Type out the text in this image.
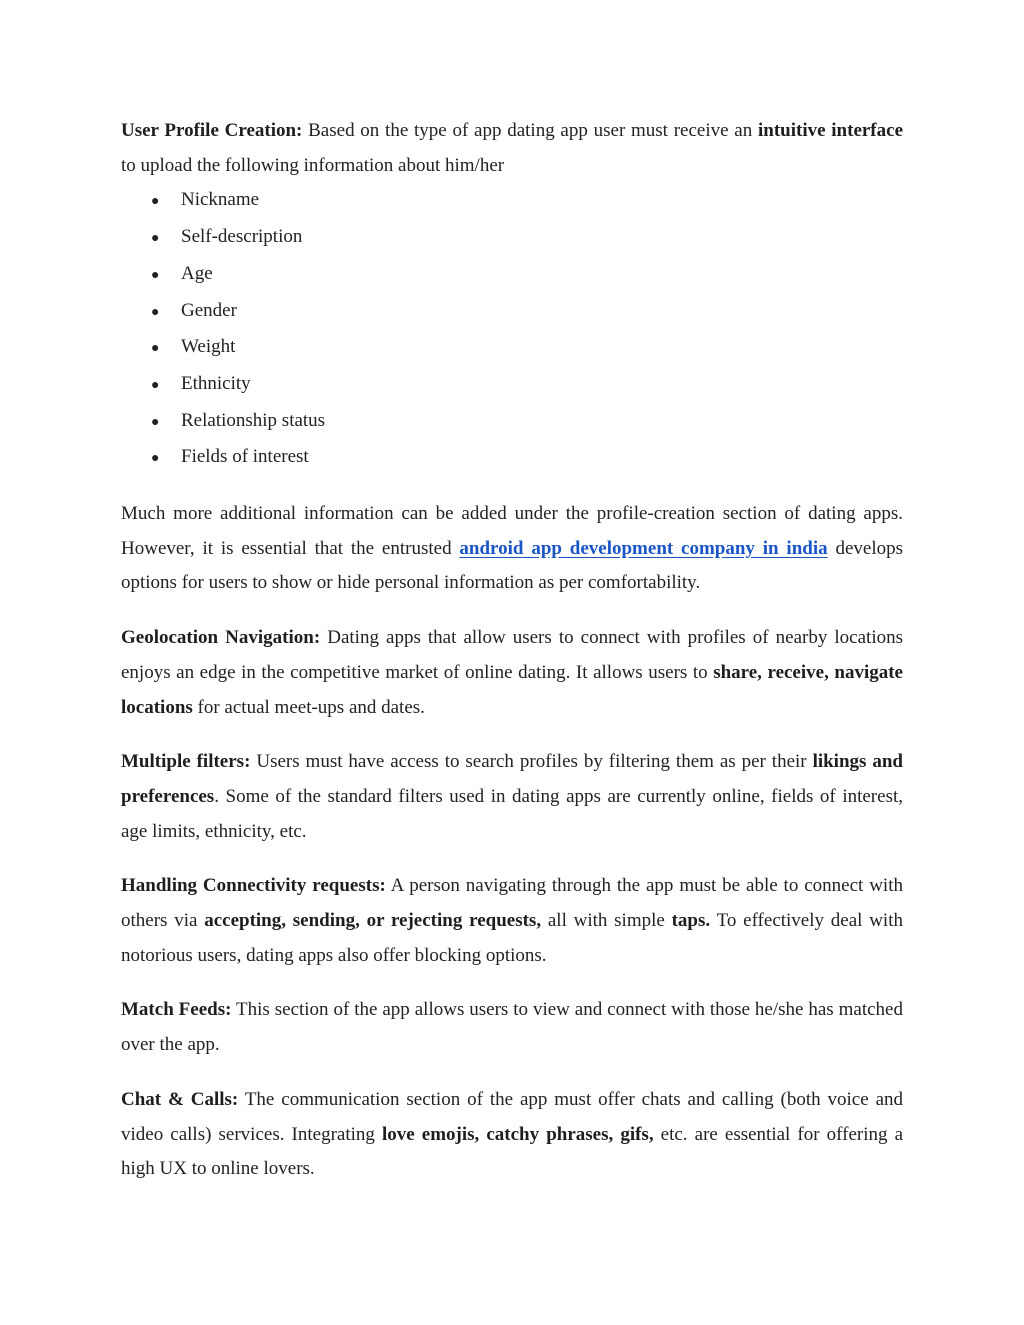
User Profile Creation: Based on the type of app dating app user must receive an intuitive interface to upload the following information about him/her

●	Nickname
●	Self-description
●	Age
●	Gender
●	Weight
●	Ethnicity
●	Relationship status
●	Fields of interest

Much more additional information can be added under the profile-creation section of dating apps. However, it is essential that the entrusted android app development company in india develops options for users to show or hide personal information as per comfortability.

Geolocation Navigation: Dating apps that allow users to connect with profiles of nearby locations enjoys an edge in the competitive market of online dating. It allows users to share, receive, navigate locations for actual meet-ups and dates.

Multiple filters: Users must have access to search profiles by filtering them as per their likings and preferences. Some of the standard filters used in dating apps are currently online, fields of interest, age limits, ethnicity, etc.

Handling Connectivity requests: A person navigating through the app must be able to connect with others via accepting, sending, or rejecting requests, all with simple taps. To effectively deal with notorious users, dating apps also offer blocking options.

Match Feeds: This section of the app allows users to view and connect with those he/she has matched over the app.

Chat & Calls: The communication section of the app must offer chats and calling (both voice and video calls) services. Integrating love emojis, catchy phrases, gifs, etc. are essential for offering a high UX to online lovers.
